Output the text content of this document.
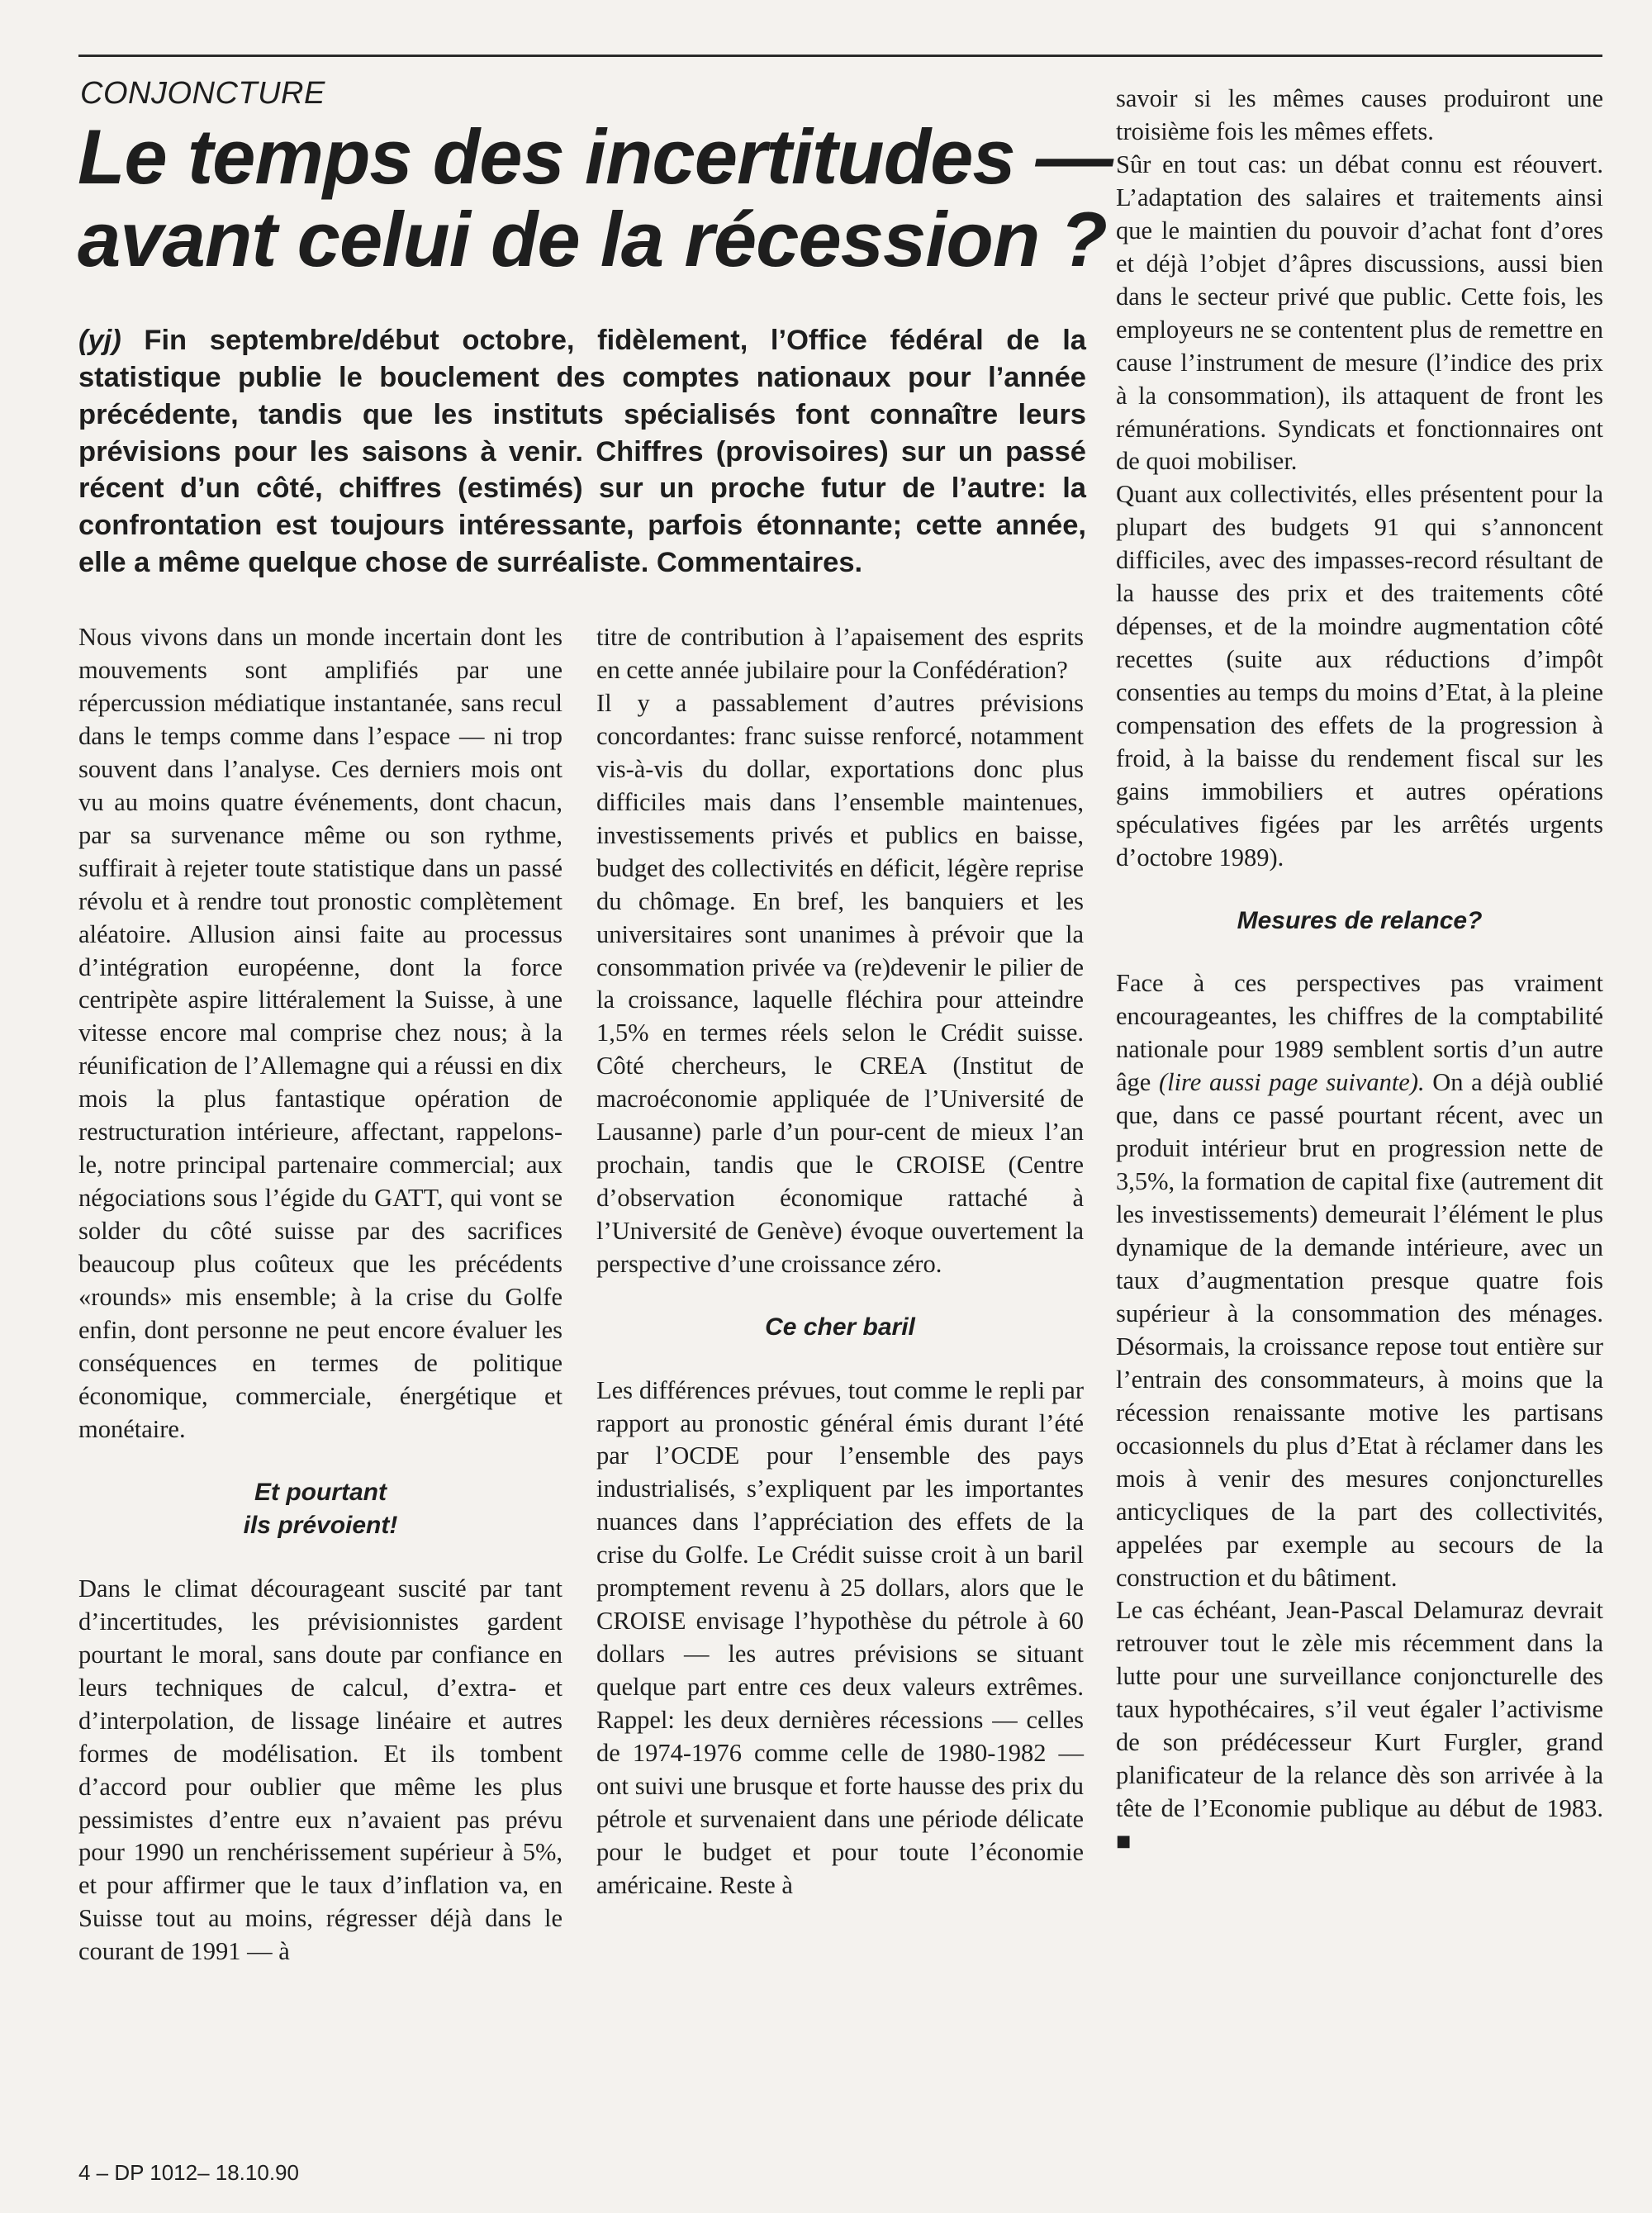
CONJONCTURE
Le temps des incertitudes —
avant celui de la récession ?
(yj) Fin septembre/début octobre, fidèlement, l’Office fédéral de la statistique publie le bouclement des comptes nationaux pour l’année précédente, tandis que les instituts spécialisés font connaître leurs prévisions pour les saisons à venir. Chiffres (provisoires) sur un passé récent d’un côté, chiffres (estimés) sur un proche futur de l’autre: la confrontation est toujours intéressante, parfois étonnante; cette année, elle a même quelque chose de surréaliste. Commentaires.

Nous vivons dans un monde incertain dont les mouvements sont amplifiés par une répercussion médiatique instantanée, sans recul dans le temps comme dans l’espace — ni trop souvent dans l’analyse. Ces derniers mois ont vu au moins quatre événements, dont chacun, par sa survenance même ou son rythme, suffirait à rejeter toute statistique dans un passé révolu et à rendre tout pronostic complètement aléatoire. Allusion ainsi faite au processus d’intégration européenne, dont la force centripète aspire littéralement la Suisse, à une vitesse encore mal comprise chez nous; à la réunification de l’Allemagne qui a réussi en dix mois la plus fantastique opération de restructuration intérieure, affectant, rappelons-le, notre principal partenaire commercial; aux négociations sous l’égide du GATT, qui vont se solder du côté suisse par des sacrifices beaucoup plus coûteux que les précédents «rounds» mis ensemble; à la crise du Golfe enfin, dont personne ne peut encore évaluer les conséquences en termes de politique économique, commerciale, énergétique et monétaire.

Et pourtant
ils prévoient!

Dans le climat décourageant suscité par tant d’incertitudes, les prévisionnistes gardent pourtant le moral, sans doute par confiance en leurs techniques de calcul, d’extra- et d’interpolation, de lissage linéaire et autres formes de modélisation. Et ils tombent d’accord pour oublier que même les plus pessimistes d’entre eux n’avaient pas prévu pour 1990 un renchérissement supérieur à 5%, et pour affirmer que le taux d’inflation va, en Suisse tout au moins, régresser déjà dans le courant de 1991 — à

titre de contribution à l’apaisement des esprits en cette année jubilaire pour la Confédération?

Il y a passablement d’autres prévisions concordantes: franc suisse renforcé, notamment vis-à-vis du dollar, exportations donc plus difficiles mais dans l’ensemble maintenues, investissements privés et publics en baisse, budget des collectivités en déficit, légère reprise du chômage. En bref, les banquiers et les universitaires sont unanimes à prévoir que la consommation privée va (re)devenir le pilier de la croissance, laquelle fléchira pour atteindre 1,5% en termes réels selon le Crédit suisse. Côté chercheurs, le CREA (Institut de macroéconomie appliquée de l’Université de Lausanne) parle d’un pour-cent de mieux l’an prochain, tandis que le CROISE (Centre d’observation économique rattaché à l’Université de Genève) évoque ouvertement la perspective d’une croissance zéro.

Ce cher baril

Les différences prévues, tout comme le repli par rapport au pronostic général émis durant l’été par l’OCDE pour l’ensemble des pays industrialisés, s’expliquent par les importantes nuances dans l’appréciation des effets de la crise du Golfe. Le Crédit suisse croit à un baril promptement revenu à 25 dollars, alors que le CROISE envisage l’hypothèse du pétrole à 60 dollars — les autres prévisions se situant quelque part entre ces deux valeurs extrêmes. Rappel: les deux dernières récessions — celles de 1974-1976 comme celle de 1980-1982 — ont suivi une brusque et forte hausse des prix du pétrole et survenaient dans une période délicate pour le budget et pour toute l’économie américaine. Reste à

savoir si les mêmes causes produiront une troisième fois les mêmes effets.

Sûr en tout cas: un débat connu est réouvert. L’adaptation des salaires et traitements ainsi que le maintien du pouvoir d’achat font d’ores et déjà l’objet d’âpres discussions, aussi bien dans le secteur privé que public. Cette fois, les employeurs ne se contentent plus de remettre en cause l’instrument de mesure (l’indice des prix à la consommation), ils attaquent de front les rémunérations. Syndicats et fonctionnaires ont de quoi mobiliser.

Quant aux collectivités, elles présentent pour la plupart des budgets 91 qui s’annoncent difficiles, avec des impasses-record résultant de la hausse des prix et des traitements côté dépenses, et de la moindre augmentation côté recettes (suite aux réductions d’impôt consenties au temps du moins d’Etat, à la pleine compensation des effets de la progression à froid, à la baisse du rendement fiscal sur les gains immobiliers et autres opérations spéculatives figées par les arrêtés urgents d’octobre 1989).

Mesures de relance?

Face à ces perspectives pas vraiment encourageantes, les chiffres de la comptabilité nationale pour 1989 semblent sortis d’un autre âge (lire aussi page suivante). On a déjà oublié que, dans ce passé pourtant récent, avec un produit intérieur brut en progression nette de 3,5%, la formation de capital fixe (autrement dit les investissements) demeurait l’élément le plus dynamique de la demande intérieure, avec un taux d’augmentation presque quatre fois supérieur à la consommation des ménages. Désormais, la croissance repose tout entière sur l’entrain des consommateurs, à moins que la récession renaissante motive les partisans occasionnels du plus d’Etat à réclamer dans les mois à venir des mesures conjoncturelles anticycliques de la part des collectivités, appelées par exemple au secours de la construction et du bâtiment.

Le cas échéant, Jean-Pascal Delamuraz devrait retrouver tout le zèle mis récemment dans la lutte pour une surveillance conjoncturelle des taux hypothécaires, s’il veut égaler l’activisme de son prédécesseur Kurt Furgler, grand planificateur de la relance dès son arrivée à la tête de l’Economie publique au début de 1983. ■

4 – DP 1012– 18.10.90
